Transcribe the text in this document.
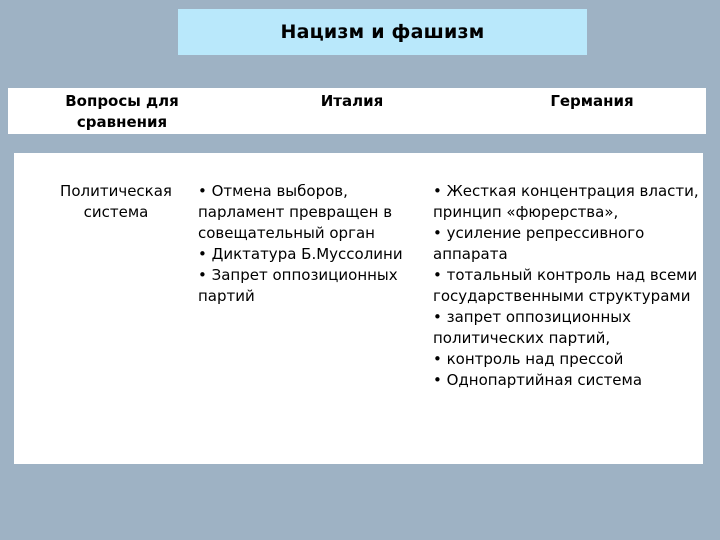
Нацизм и фашизм
Вопросы для
сравнения
Италия	Германия
Политическая
система
• Отмена выборов, парламент превращен в совещательный орган
• Диктатура Б.Муссолини
• Запрет оппозиционных партий
• Жесткая концентрация власти, принцип «фюрерства»,
• усиление репрессивного аппарата
• тотальный контроль над всеми государственными структурами
• запрет оппозиционных политических партий,
• контроль над прессой
• Однопартийная система
